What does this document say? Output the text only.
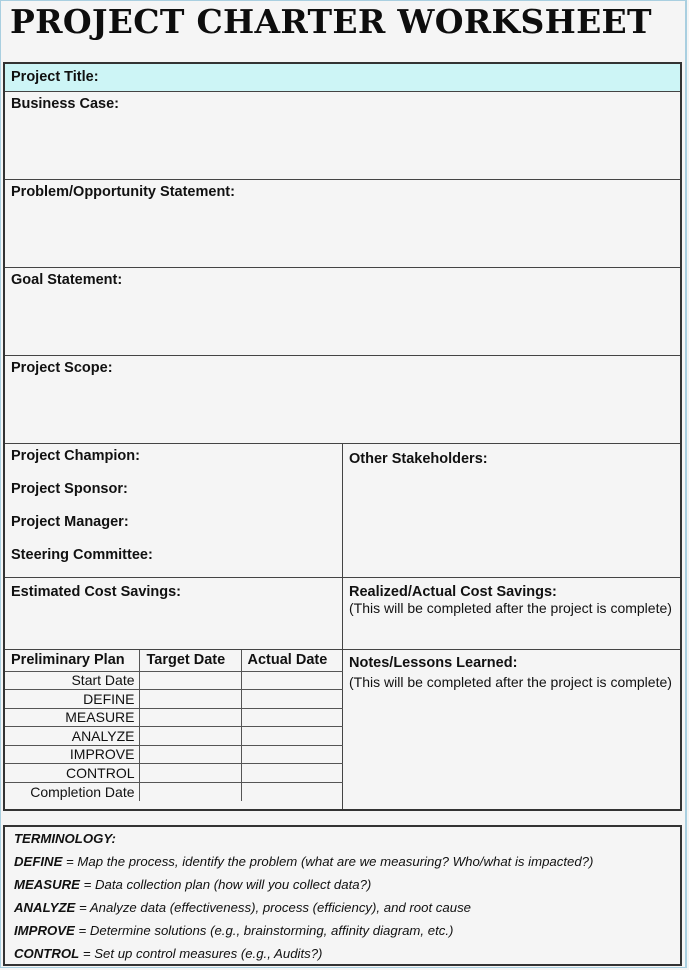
PROJECT CHARTER WORKSHEET
Project Title:
Business Case:
Problem/Opportunity Statement:
Goal Statement:
Project Scope:
Project Champion:
Project Sponsor:
Project Manager:
Steering Committee:
Other Stakeholders:
Estimated Cost Savings:	Realized/Actual Cost Savings:
(This will be completed after the project is complete)
Preliminary Plan	Target Date	Actual Date
Start Date		
DEFINE		
MEASURE		
ANALYZE		
IMPROVE		
CONTROL		
Completion Date		
Notes/Lessons Learned:
(This will be completed after the project is complete)
TERMINOLOGY:
DEFINE = Map the process, identify the problem (what are we measuring? Who/what is impacted?)
MEASURE = Data collection plan (how will you collect data?)
ANALYZE = Analyze data (effectiveness), process (efficiency), and root cause
IMPROVE = Determine solutions (e.g., brainstorming, affinity diagram, etc.)
CONTROL = Set up control measures (e.g., Audits?)
